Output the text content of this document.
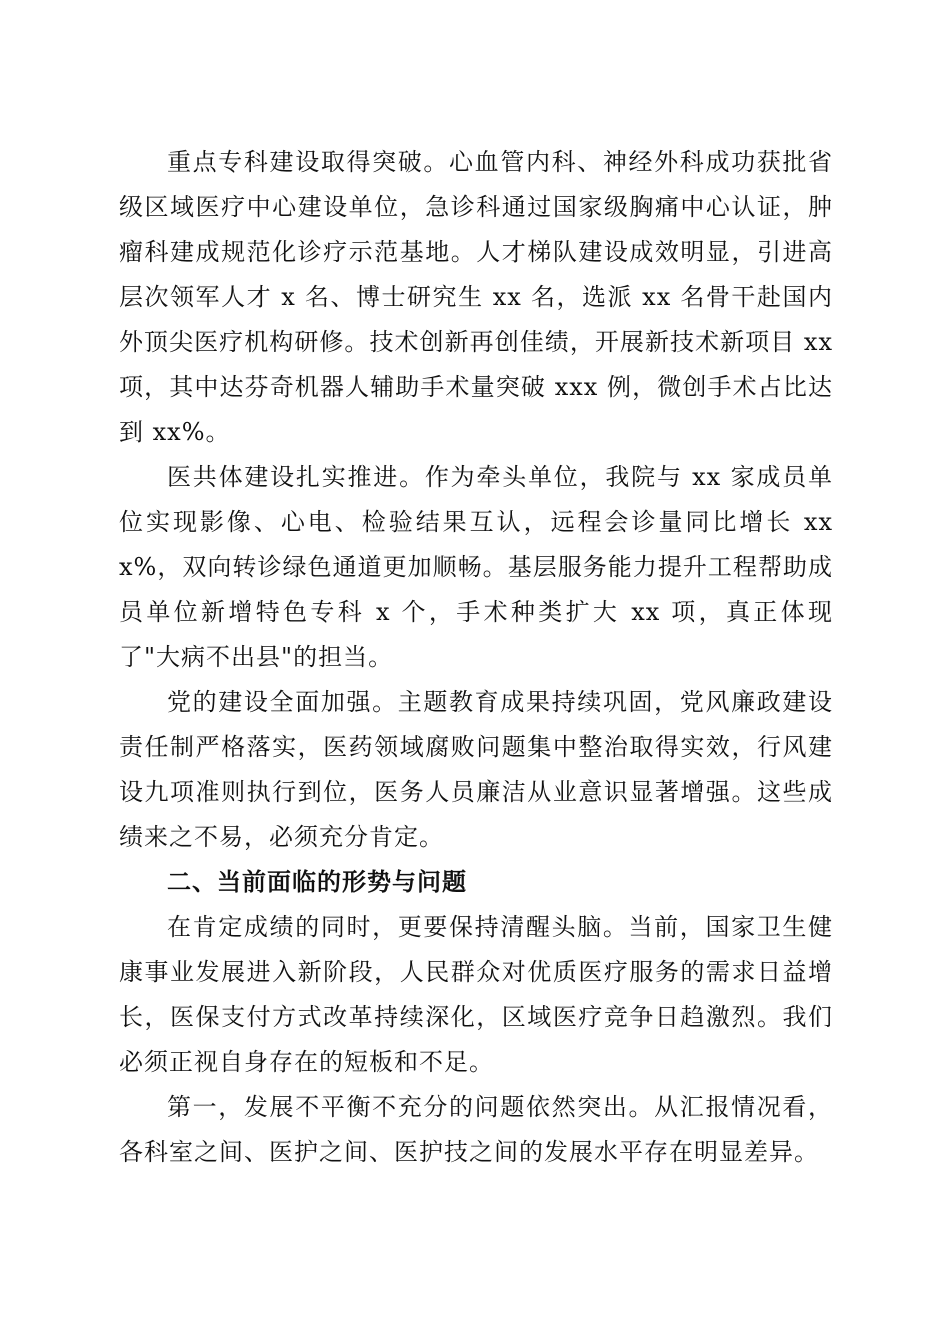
重点专科建设取得突破。心血管内科、神经外科成功获批省级区域医疗中心建设单位，急诊科通过国家级胸痛中心认证，肿瘤科建成规范化诊疗示范基地。人才梯队建设成效明显，引进高层次领军人才 x 名、博士研究生 xx 名，选派 xx 名骨干赴国内外顶尖医疗机构研修。技术创新再创佳绩，开展新技术新项目 xx 项，其中达芬奇机器人辅助手术量突破 xxx 例，微创手术占比达到 xx%。

医共体建设扎实推进。作为牵头单位，我院与 xx 家成员单位实现影像、心电、检验结果互认，远程会诊量同比增长 xxx%，双向转诊绿色通道更加顺畅。基层服务能力提升工程帮助成员单位新增特色专科 x 个，手术种类扩大 xx 项，真正体现了"大病不出县"的担当。

党的建设全面加强。主题教育成果持续巩固，党风廉政建设责任制严格落实，医药领域腐败问题集中整治取得实效，行风建设九项准则执行到位，医务人员廉洁从业意识显著增强。这些成绩来之不易，必须充分肯定。

二、当前面临的形势与问题

在肯定成绩的同时，更要保持清醒头脑。当前，国家卫生健康事业发展进入新阶段，人民群众对优质医疗服务的需求日益增长，医保支付方式改革持续深化，区域医疗竞争日趋激烈。我们必须正视自身存在的短板和不足。

第一，发展不平衡不充分的问题依然突出。从汇报情况看，各科室之间、医护之间、医护技之间的发展水平存在明显差异。
